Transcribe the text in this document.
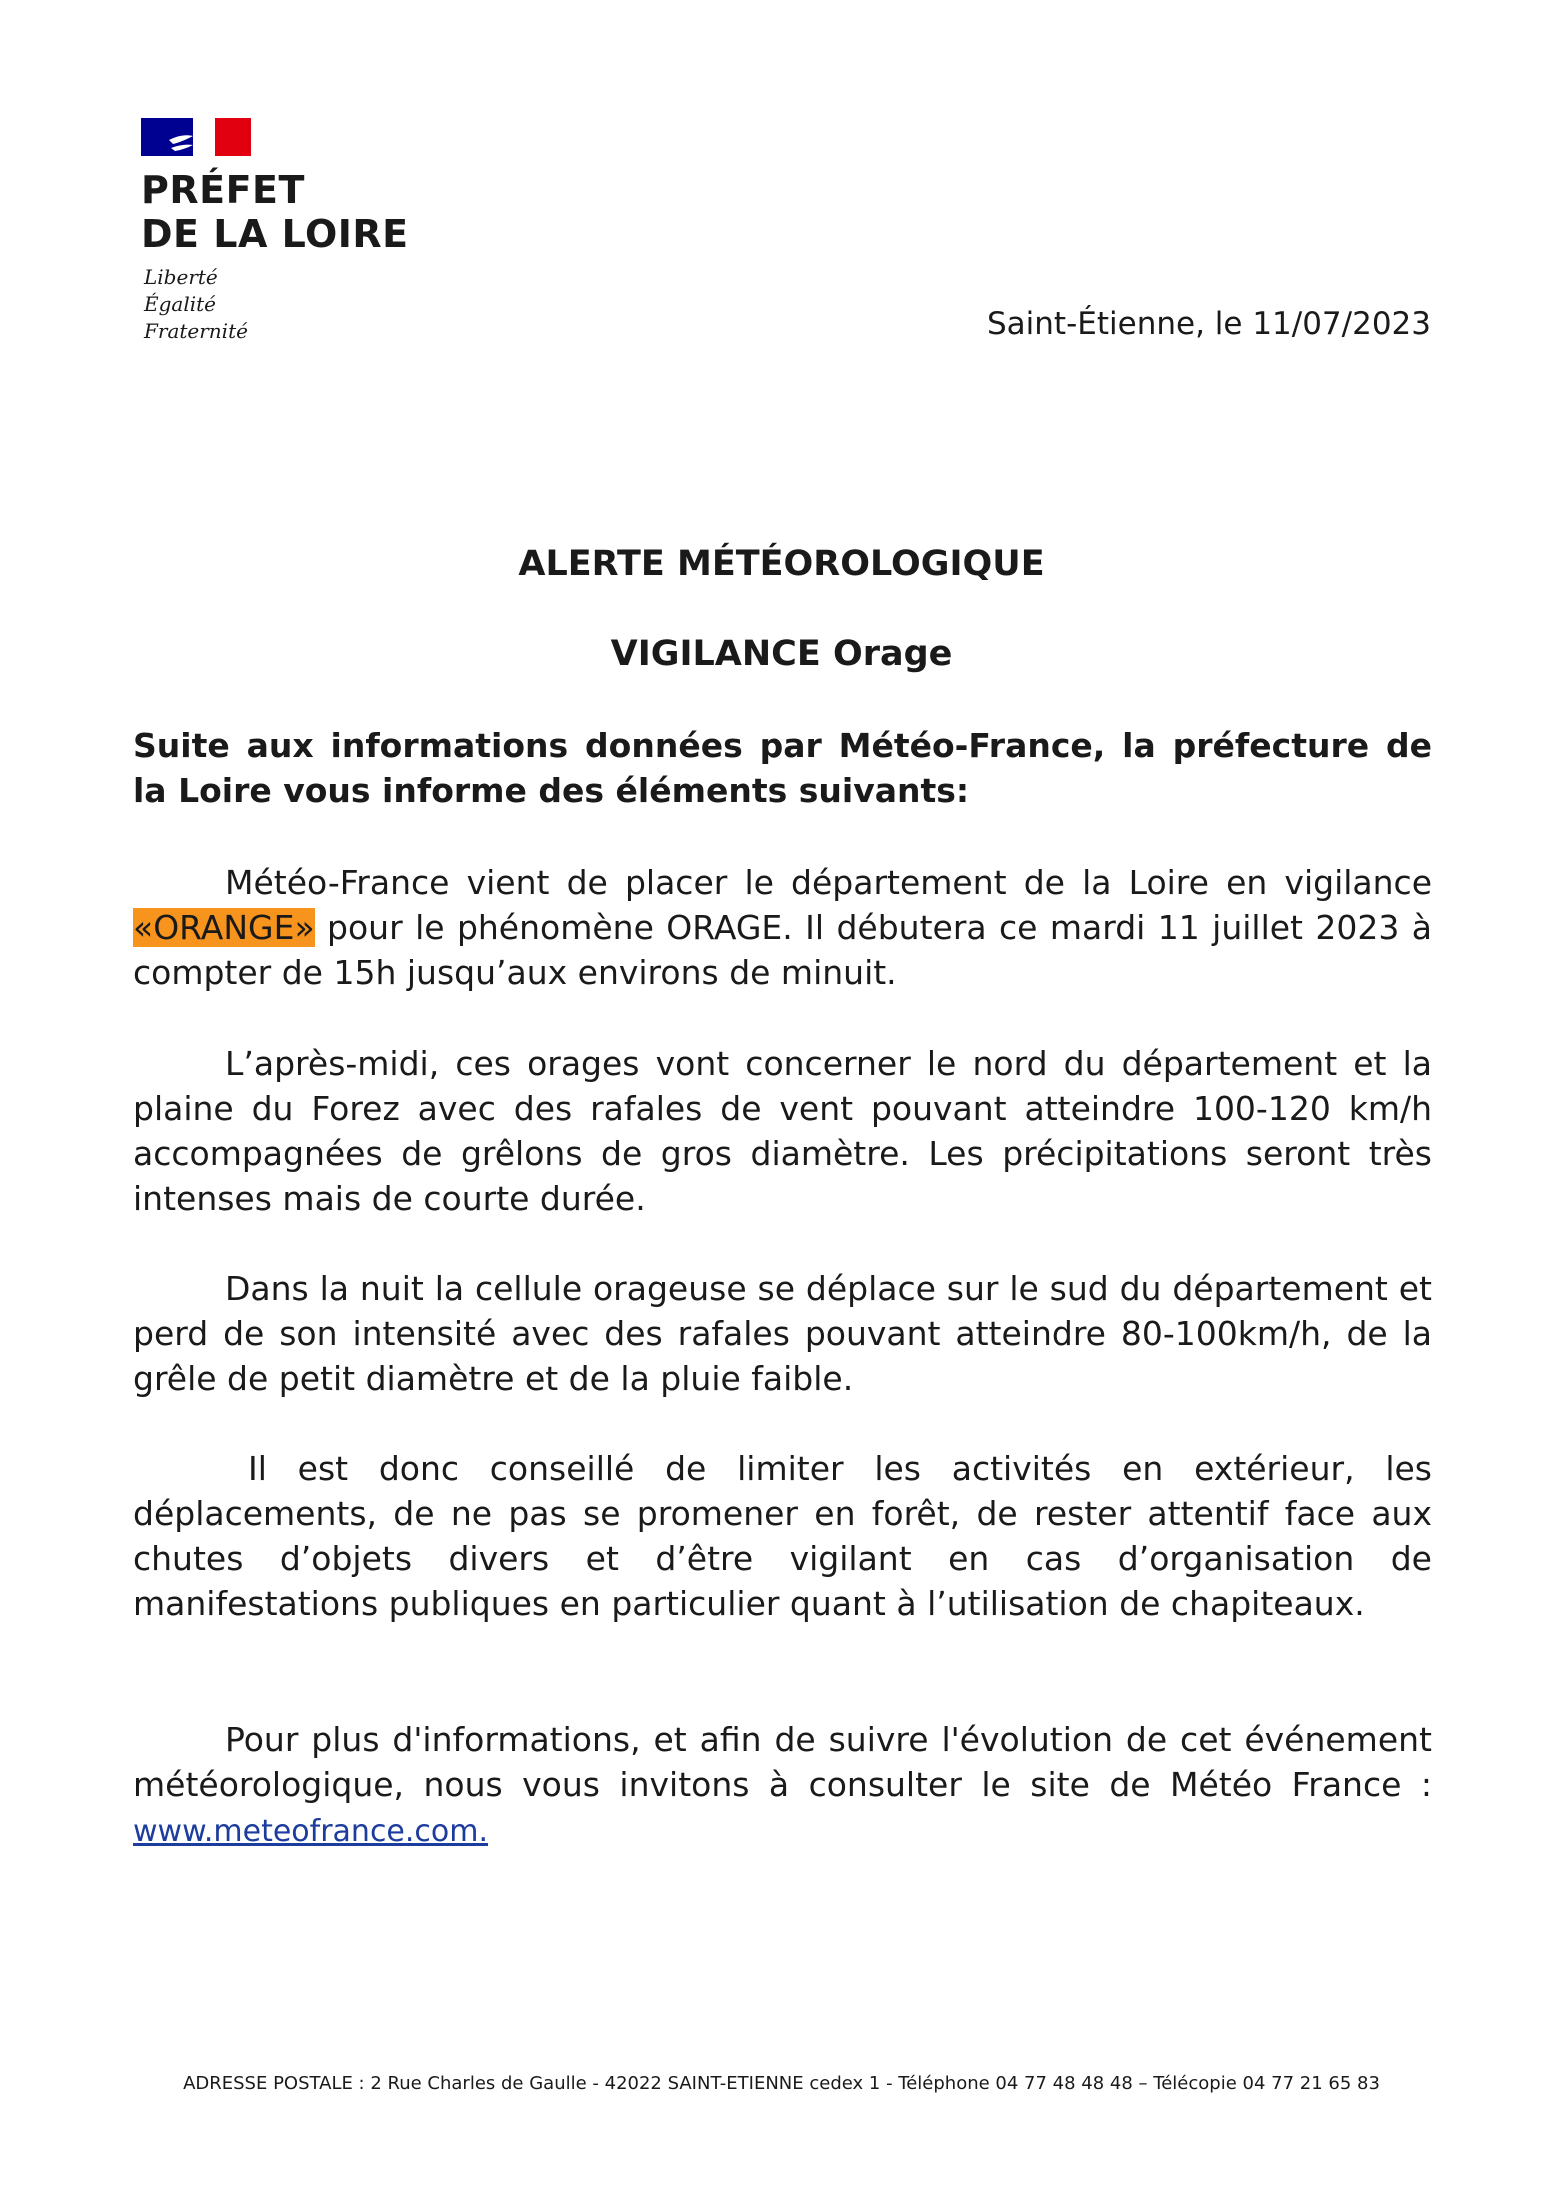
PRÉFET
DE LA LOIRE
Liberté
Égalité
Fraternité	Saint-Étienne, le 11/07/2023
ALERTE MÉTÉOROLOGIQUE
VIGILANCE Orage
Suite aux informations données par Météo-France, la préfecture de la Loire vous informe des éléments suivants:
Météo-France vient de placer le département de la Loire en vigilance «ORANGE» pour le phénomène ORAGE. Il débutera ce mardi 11 juillet 2023 à compter de 15h jusqu’aux environs de minuit.
L’après-midi, ces orages vont concerner le nord du département et la plaine du Forez avec des rafales de vent pouvant atteindre 100-120 km/h accompagnées de grêlons de gros diamètre. Les précipitations seront très intenses mais de courte durée.
Dans la nuit la cellule orageuse se déplace sur le sud du département et perd de son intensité avec des rafales pouvant atteindre 80-100km/h, de la grêle de petit diamètre et de la pluie faible.
Il est donc conseillé de limiter les activités en extérieur, les déplacements, de ne pas se promener en forêt, de rester attentif face aux chutes d’objets divers et d’être vigilant en cas d’organisation de manifestations publiques en particulier quant à l’utilisation de chapiteaux.
Pour plus d'informations, et afin de suivre l'évolution de cet événement météorologique, nous vous invitons à consulter le site de Météo France : www.meteofrance.com.
ADRESSE POSTALE : 2 Rue Charles de Gaulle - 42022 SAINT-ETIENNE cedex 1 - Téléphone 04 77 48 48 48 – Télécopie 04 77 21 65 83
